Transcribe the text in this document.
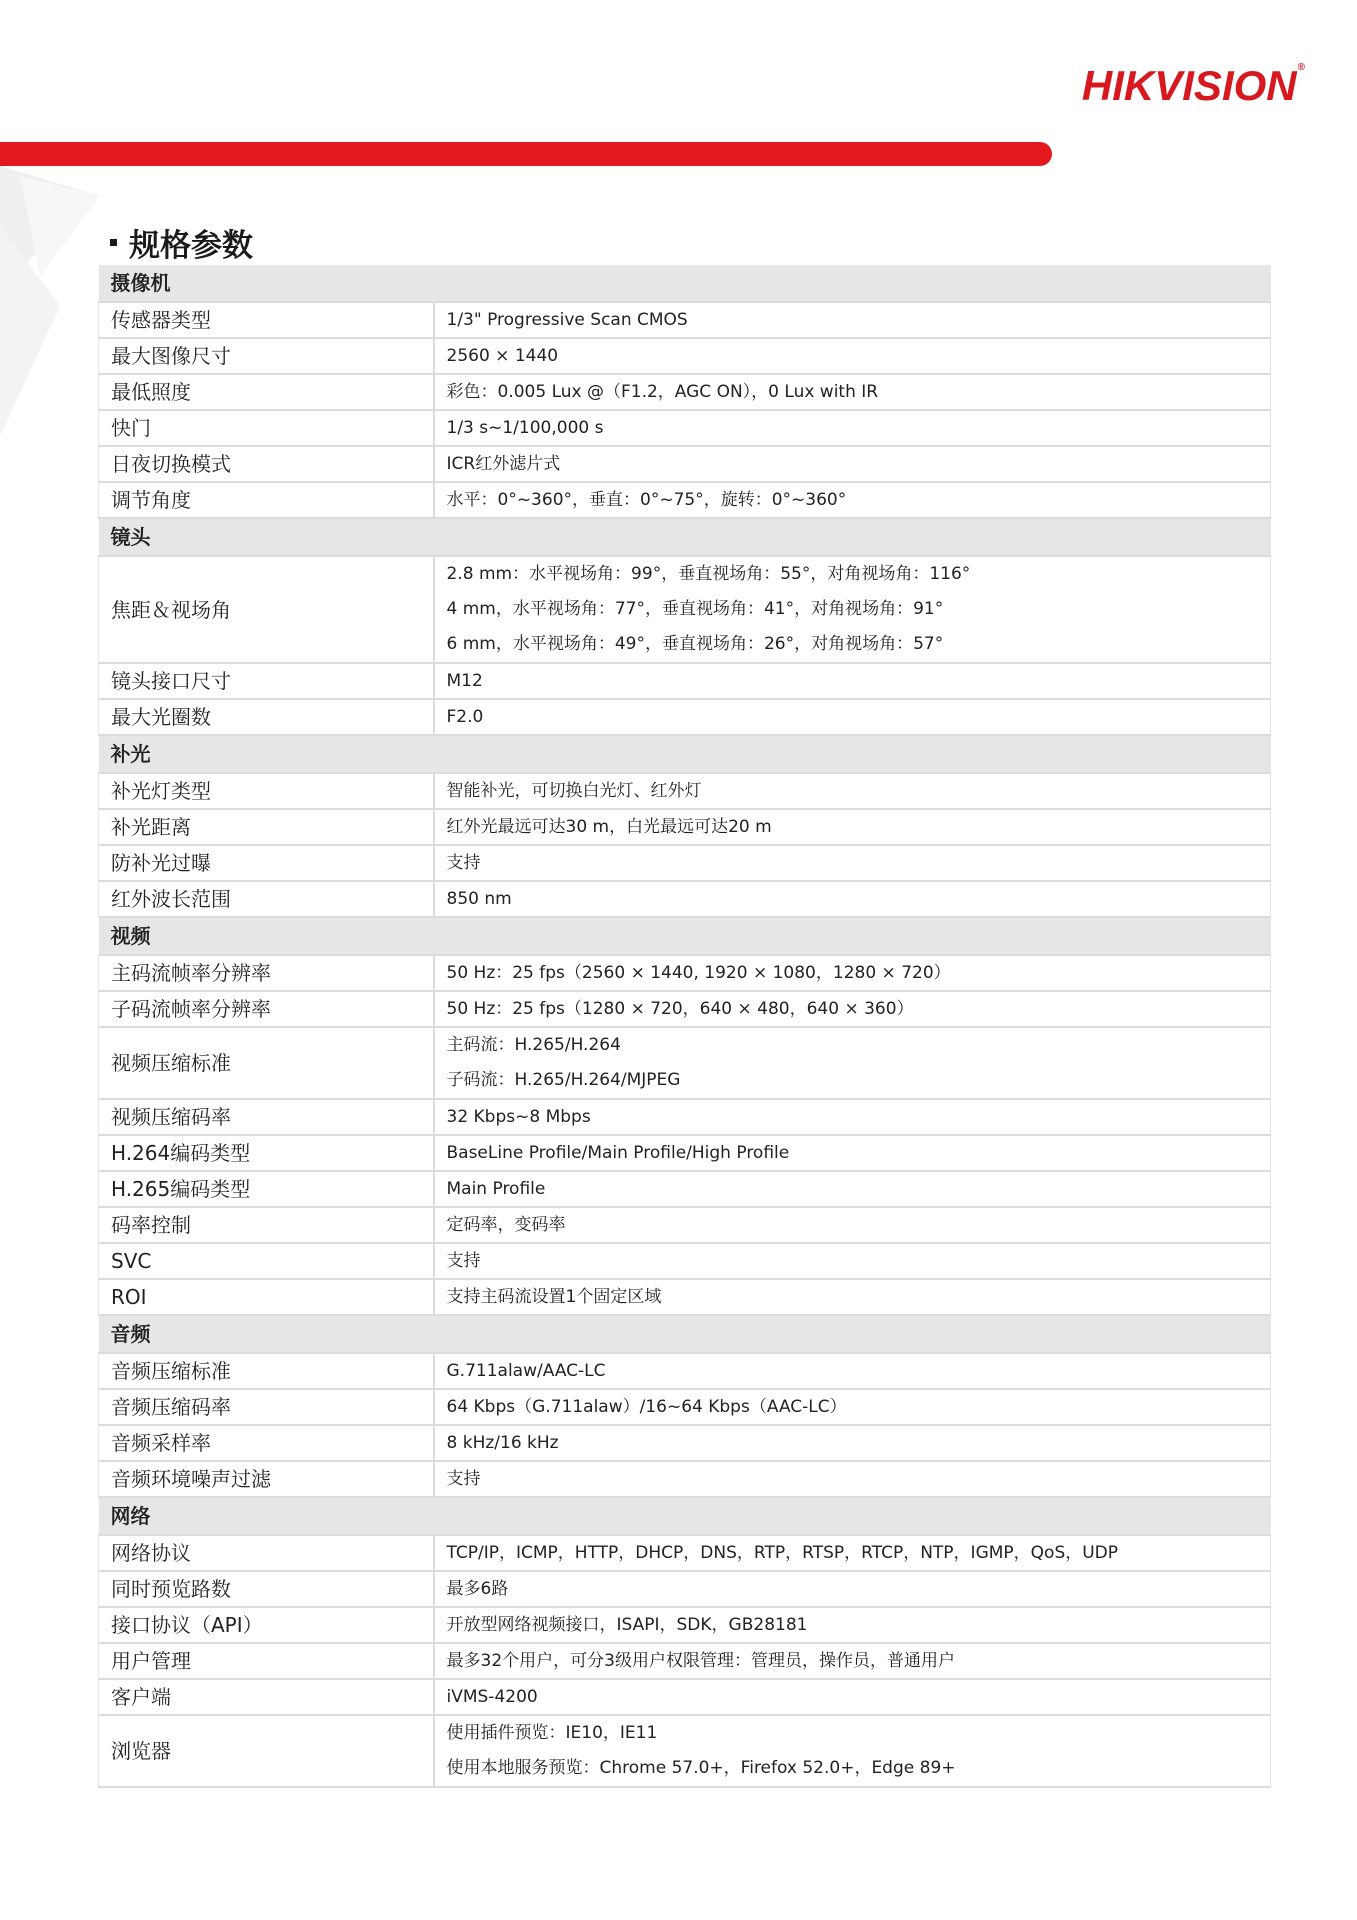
HIKVISION®
规格参数
摄像机	
传感器类型	1/3" Progressive Scan CMOS

最大图像尺寸	2560 × 1440

最低照度	彩色：0.005 Lux @（F1.2，AGC ON），0 Lux with IR

快门	1/3 s~1/100,000 s

日夜切换模式	ICR红外滤片式

调节角度	水平：0°~360°，垂直：0°~75°，旋转：0°~360°

镜头	
焦距＆视场角	2.8 mm：水平视场角：99°，垂直视场角：55°，对角视场角：116°
4 mm，水平视场角：77°，垂直视场角：41°，对角视场角：91°
6 mm，水平视场角：49°，垂直视场角：26°，对角视场角：57°

镜头接口尺寸	M12

最大光圈数	F2.0

补光	
补光灯类型	智能补光，可切换白光灯、红外灯

补光距离	红外光最远可达30 m，白光最远可达20 m

防补光过曝	支持

红外波长范围	850 nm

视频	
主码流帧率分辨率	50 Hz：25 fps（2560 × 1440, 1920 × 1080，1280 × 720）

子码流帧率分辨率	50 Hz：25 fps（1280 × 720，640 × 480，640 × 360）

视频压缩标准	主码流：H.265/H.264
子码流：H.265/H.264/MJPEG

视频压缩码率	32 Kbps~8 Mbps

H.264编码类型	BaseLine Profile/Main Profile/High Profile

H.265编码类型	Main Profile

码率控制	定码率，变码率

SVC	支持

ROI	支持主码流设置1个固定区域

音频	
音频压缩标准	G.711alaw/AAC-LC

音频压缩码率	64 Kbps（G.711alaw）/16~64 Kbps（AAC-LC）

音频采样率	8 kHz/16 kHz

音频环境噪声过滤	支持

网络	
网络协议	TCP/IP，ICMP，HTTP，DHCP，DNS，RTP，RTSP，RTCP，NTP，IGMP，QoS，UDP

同时预览路数	最多6路

接口协议（API）	开放型网络视频接口，ISAPI，SDK，GB28181

用户管理	最多32个用户，可分3级用户权限管理：管理员，操作员，普通用户

客户端	iVMS-4200

浏览器	使用插件预览：IE10，IE11
使用本地服务预览：Chrome 57.0+，Firefox 52.0+，Edge 89+
